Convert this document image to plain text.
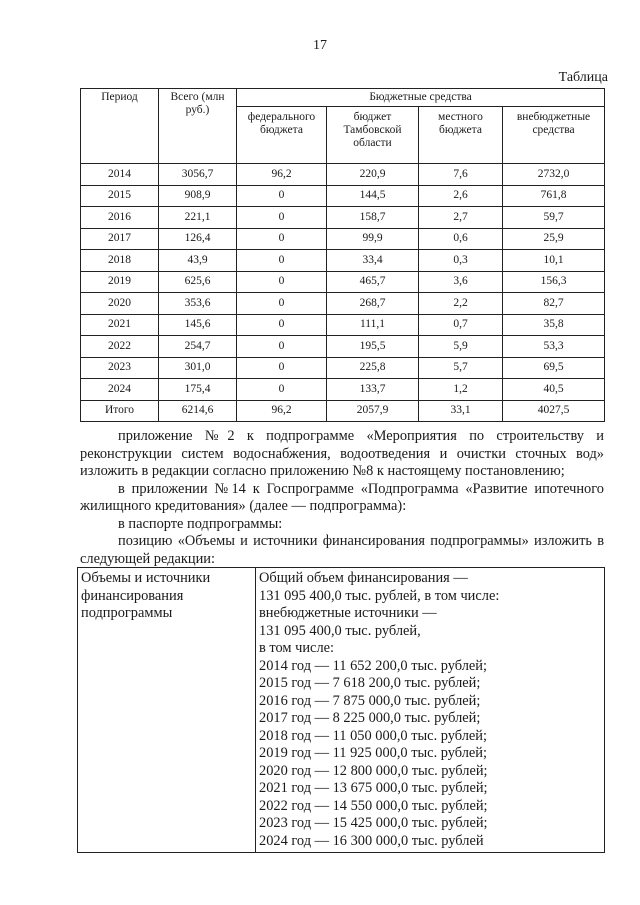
17
Таблица
Период	Всего (млн руб.)	Бюджетные средства			
		федерального бюджета	бюджет Тамбовской области	местного бюджета	внебюджетные средства
2014	3056,7	96,2	220,9	7,6	2732,0
2015	908,9	0	144,5	2,6	761,8
2016	221,1	0	158,7	2,7	59,7
2017	126,4	0	99,9	0,6	25,9
2018	43,9	0	33,4	0,3	10,1
2019	625,6	0	465,7	3,6	156,3
2020	353,6	0	268,7	2,2	82,7
2021	145,6	0	111,1	0,7	35,8
2022	254,7	0	195,5	5,9	53,3
2023	301,0	0	225,8	5,7	69,5
2024	175,4	0	133,7	1,2	40,5
Итого	6214,6	96,2	2057,9	33,1	4027,5

приложение №2 к подпрограмме «Мероприятия по строительству и реконструкции систем водоснабжения, водоотведения и очистки сточных вод» изложить в редакции согласно приложению №8 к настоящему постановлению;

в приложении №14 к Госпрограмме «Подпрограмма «Развитие ипотечного жилищного кредитования» (далее — подпрограмма):

в паспорте подпрограммы:

позицию «Объемы и источники финансирования подпрограммы» изложить в следующей редакции:

Объемы и источники финансирования подпрограммы	
Общий объем финансирования —
131 095 400,0 тыс. рублей, в том числе:
внебюджетные источники —
131 095 400,0 тыс. рублей,
в том числе:
2014 год — 11 652 200,0 тыс. рублей;
2015 год — 7 618 200,0 тыс. рублей;
2016 год — 7 875 000,0 тыс. рублей;
2017 год — 8 225 000,0 тыс. рублей;
2018 год — 11 050 000,0 тыс. рублей;
2019 год — 11 925 000,0 тыс. рублей;
2020 год — 12 800 000,0 тыс. рублей;
2021 год — 13 675 000,0 тыс. рублей;
2022 год — 14 550 000,0 тыс. рублей;
2023 год — 15 425 000,0 тыс. рублей;
2024 год — 16 300 000,0 тыс. рублей
